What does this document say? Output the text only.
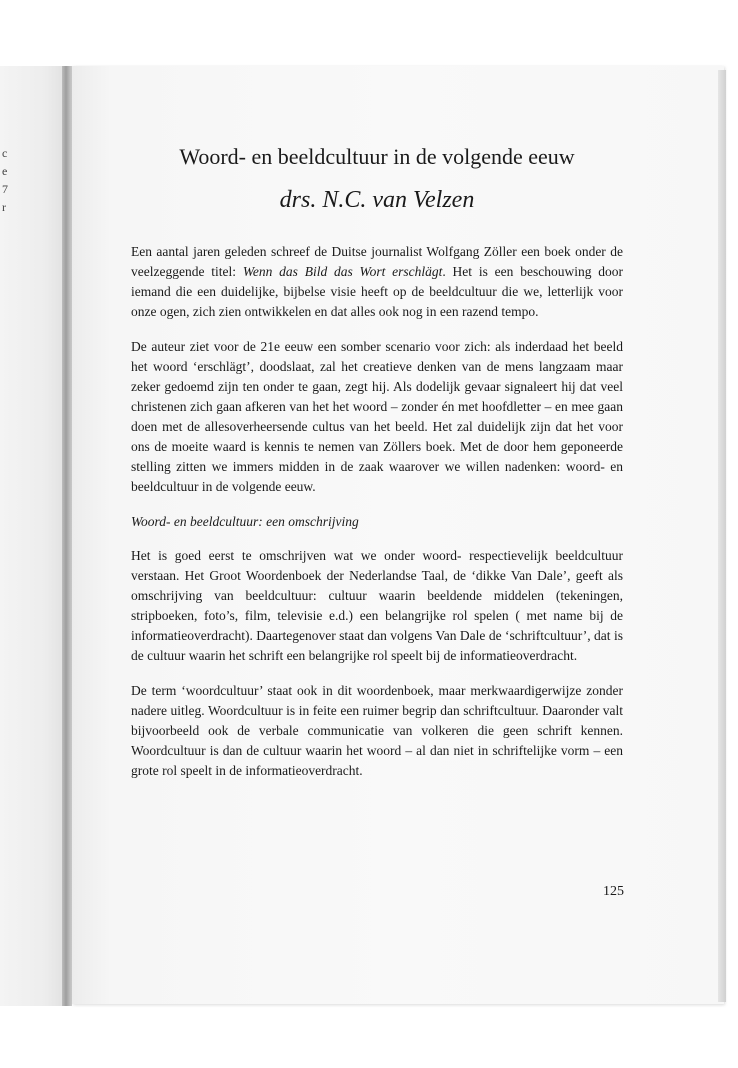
c
e
7
r
Woord- en beeldcultuur in de volgende eeuw
drs. N.C. van Velzen

Een aantal jaren geleden schreef de Duitse journalist Wolfgang Zöller een boek onder de veelzeggende titel: Wenn das Bild das Wort erschlägt. Het is een beschouwing door iemand die een duidelijke, bijbelse visie heeft op de beeldcultuur die we, letterlijk voor onze ogen, zich zien ontwikkelen en dat alles ook nog in een razend tempo.

De auteur ziet voor de 21e eeuw een somber scenario voor zich: als inderdaad het beeld het woord ‘erschlägt’, doodslaat, zal het creatieve denken van de mens langzaam maar zeker gedoemd zijn ten onder te gaan, zegt hij. Als dodelijk gevaar signaleert hij dat veel christenen zich gaan afkeren van het het woord – zonder én met hoofdletter – en mee gaan doen met de allesoverheersende cultus van het beeld. Het zal duidelijk zijn dat het voor ons de moeite waard is kennis te nemen van Zöllers boek. Met de door hem geponeerde stelling zitten we immers midden in de zaak waarover we willen nadenken: woord- en beeldcultuur in de volgende eeuw.

Woord- en beeldcultuur: een omschrijving

Het is goed eerst te omschrijven wat we onder woord- respectievelijk beeldcultuur verstaan. Het Groot Woordenboek der Nederlandse Taal, de ‘dikke Van Dale’, geeft als omschrijving van beeldcultuur: cultuur waarin beeldende middelen (tekeningen, stripboeken, foto’s, film, televisie e.d.) een belangrijke rol spelen ( met name bij de informatieoverdracht). Daartegenover staat dan volgens Van Dale de ‘schriftcultuur’, dat is de cultuur waarin het schrift een belangrijke rol speelt bij de informatieoverdracht.

De term ‘woordcultuur’ staat ook in dit woordenboek, maar merkwaardigerwijze zonder nadere uitleg. Woordcultuur is in feite een ruimer begrip dan schriftcultuur. Daaronder valt bijvoorbeeld ook de verbale communicatie van volkeren die geen schrift kennen. Woordcultuur is dan de cultuur waarin het woord – al dan niet in schriftelijke vorm – een grote rol speelt in de informatieoverdracht.

125
